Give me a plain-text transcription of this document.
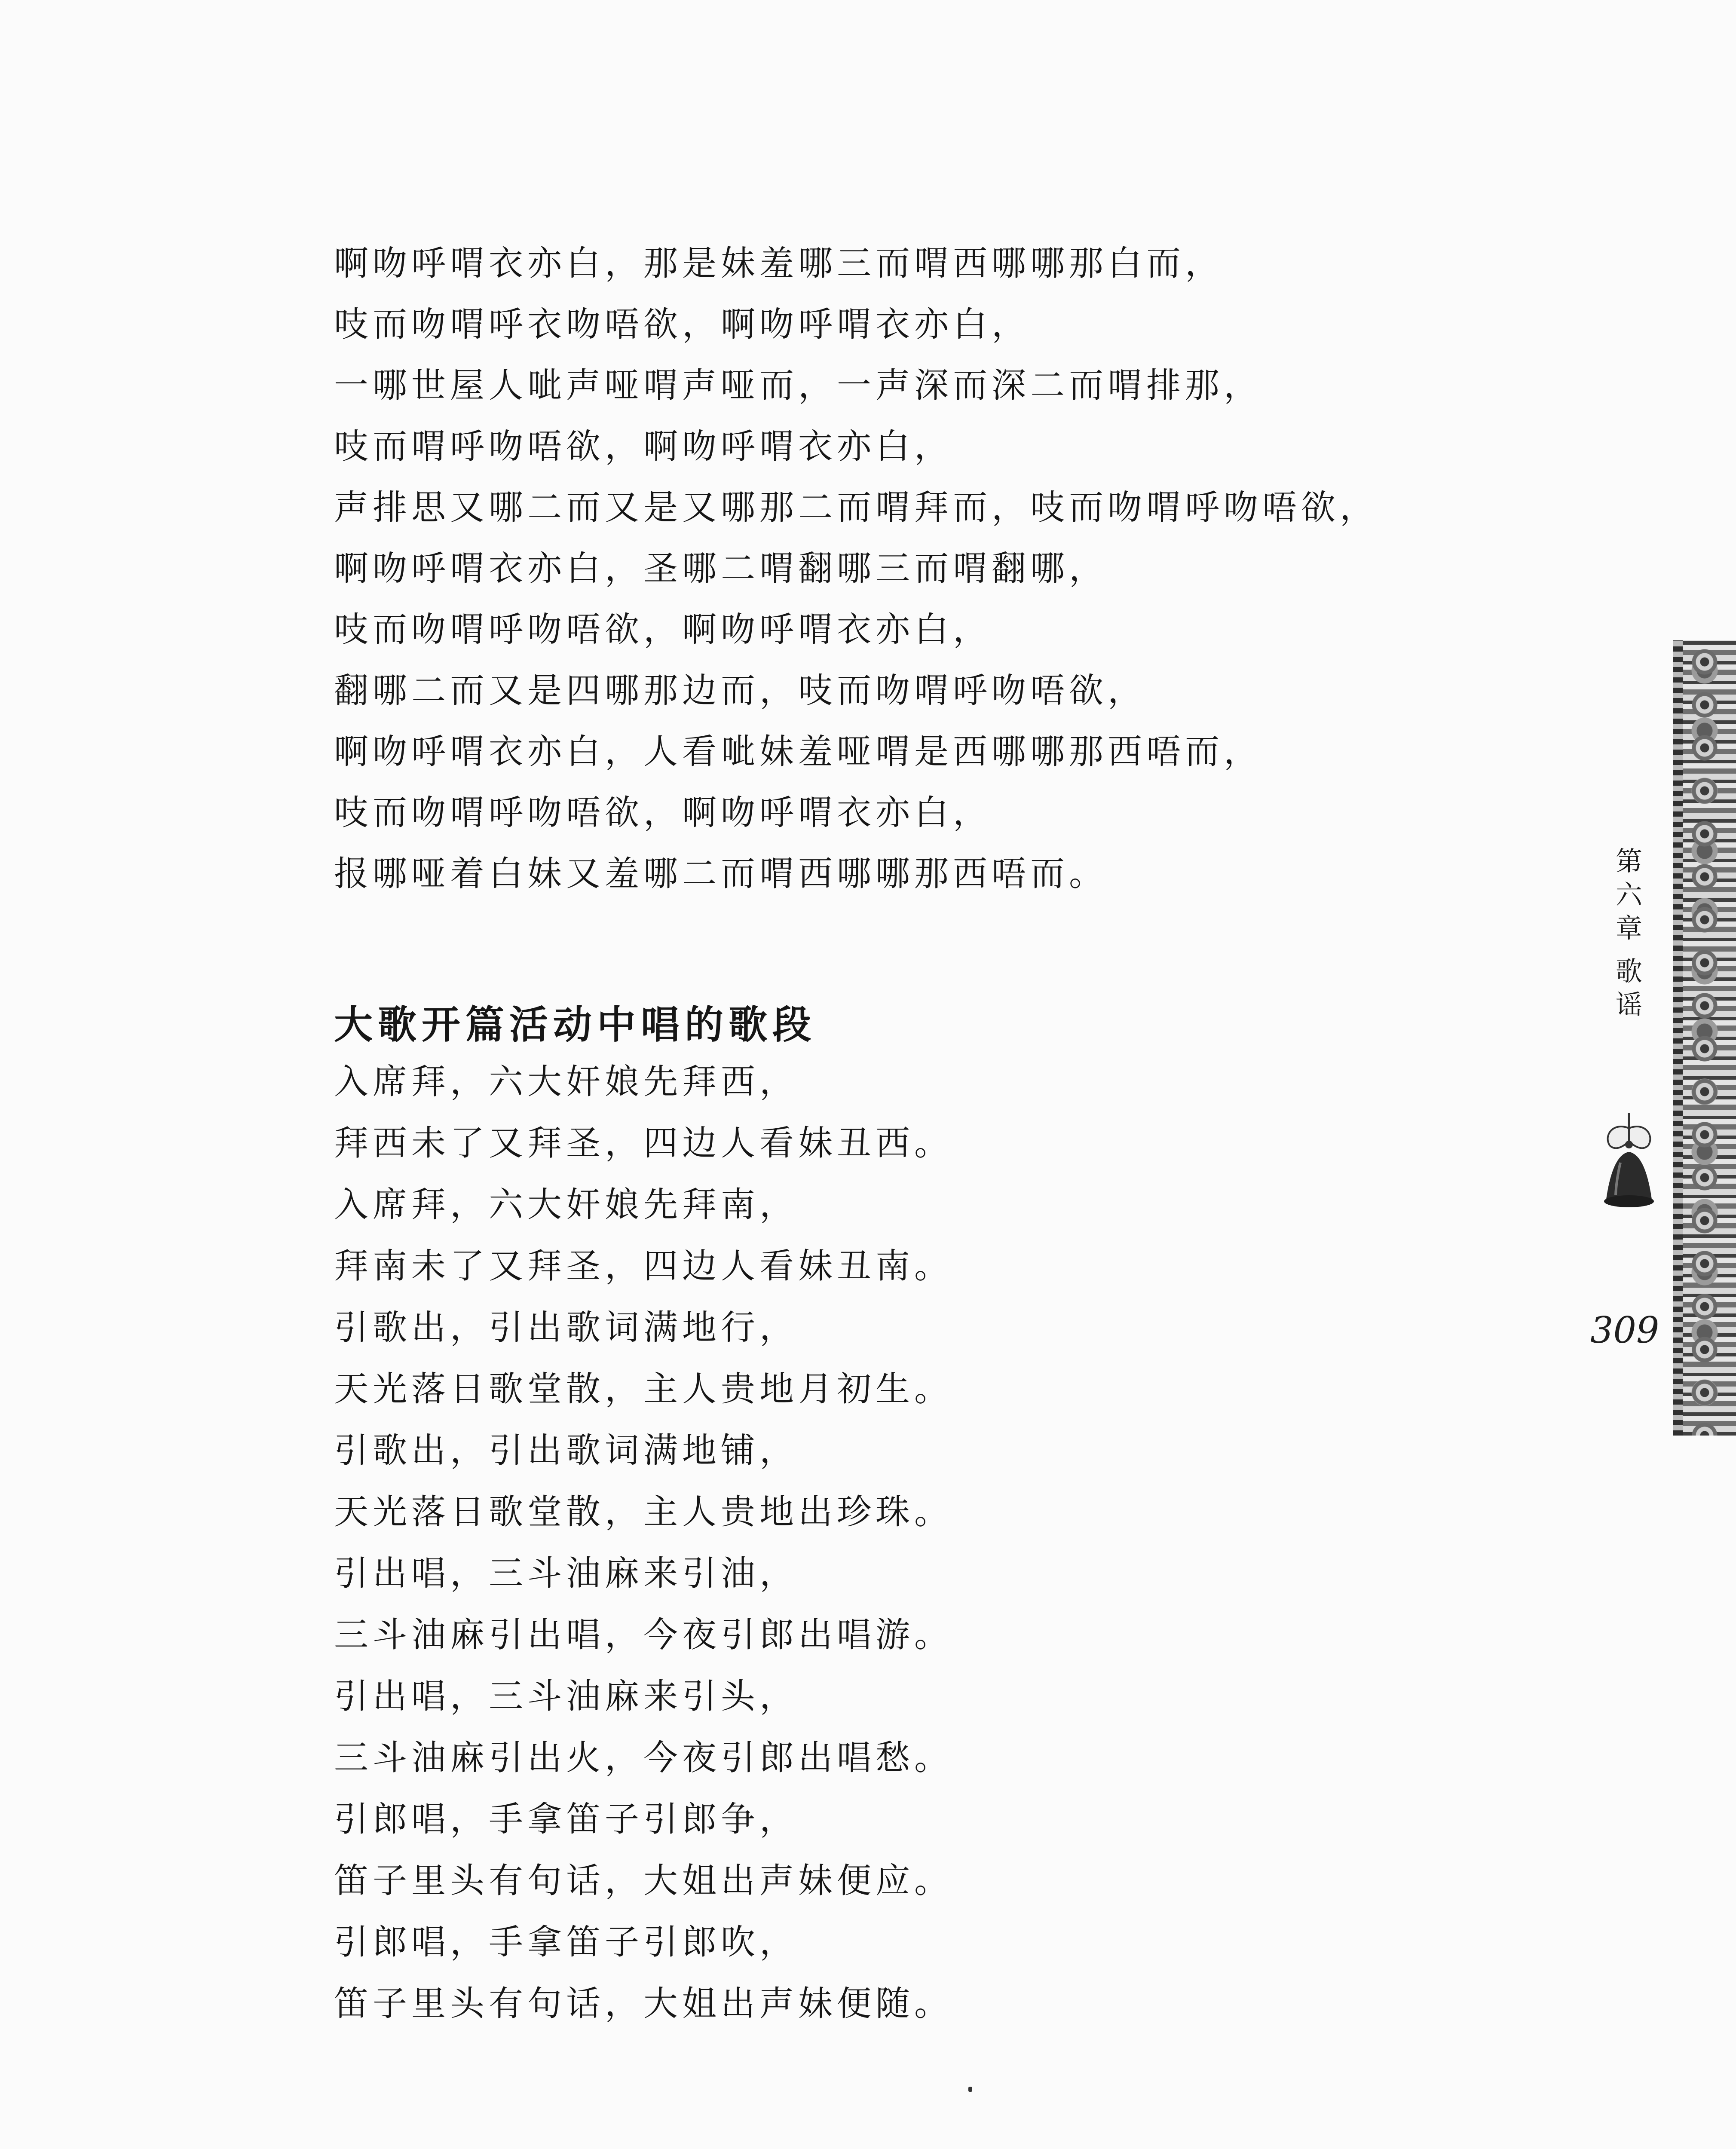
啊吻呼喟衣亦白，那是妹羞哪三而喟西哪哪那白而，

吱而吻喟呼衣吻唔欲，啊吻呼喟衣亦白，

一哪世屋人呲声哑喟声哑而，一声深而深二而喟排那，

吱而喟呼吻唔欲，啊吻呼喟衣亦白，

声排思又哪二而又是又哪那二而喟拜而，吱而吻喟呼吻唔欲，

啊吻呼喟衣亦白，圣哪二喟翻哪三而喟翻哪，

吱而吻喟呼吻唔欲，啊吻呼喟衣亦白，

翻哪二而又是四哪那边而，吱而吻喟呼吻唔欲，

啊吻呼喟衣亦白，人看呲妹羞哑喟是西哪哪那西唔而，

吱而吻喟呼吻唔欲，啊吻呼喟衣亦白，

报哪哑着白妹又羞哪二而喟西哪哪那西唔而。

大歌开篇活动中唱的歌段

入席拜，六大奸娘先拜西，

拜西未了又拜圣，四边人看妹丑西。

入席拜，六大奸娘先拜南，

拜南未了又拜圣，四边人看妹丑南。

引歌出，引出歌词满地行，

天光落日歌堂散，主人贵地月初生。

引歌出，引出歌词满地铺，

天光落日歌堂散，主人贵地出珍珠。

引出唱，三斗油麻来引油，

三斗油麻引出唱，今夜引郎出唱游。

引出唱，三斗油麻来引头，

三斗油麻引出火，今夜引郎出唱愁。

引郎唱，手拿笛子引郎争，

笛子里头有句话，大姐出声妹便应。

引郎唱，手拿笛子引郎吹，

笛子里头有句话，大姐出声妹便随。

第
六
章
歌
谣

309
